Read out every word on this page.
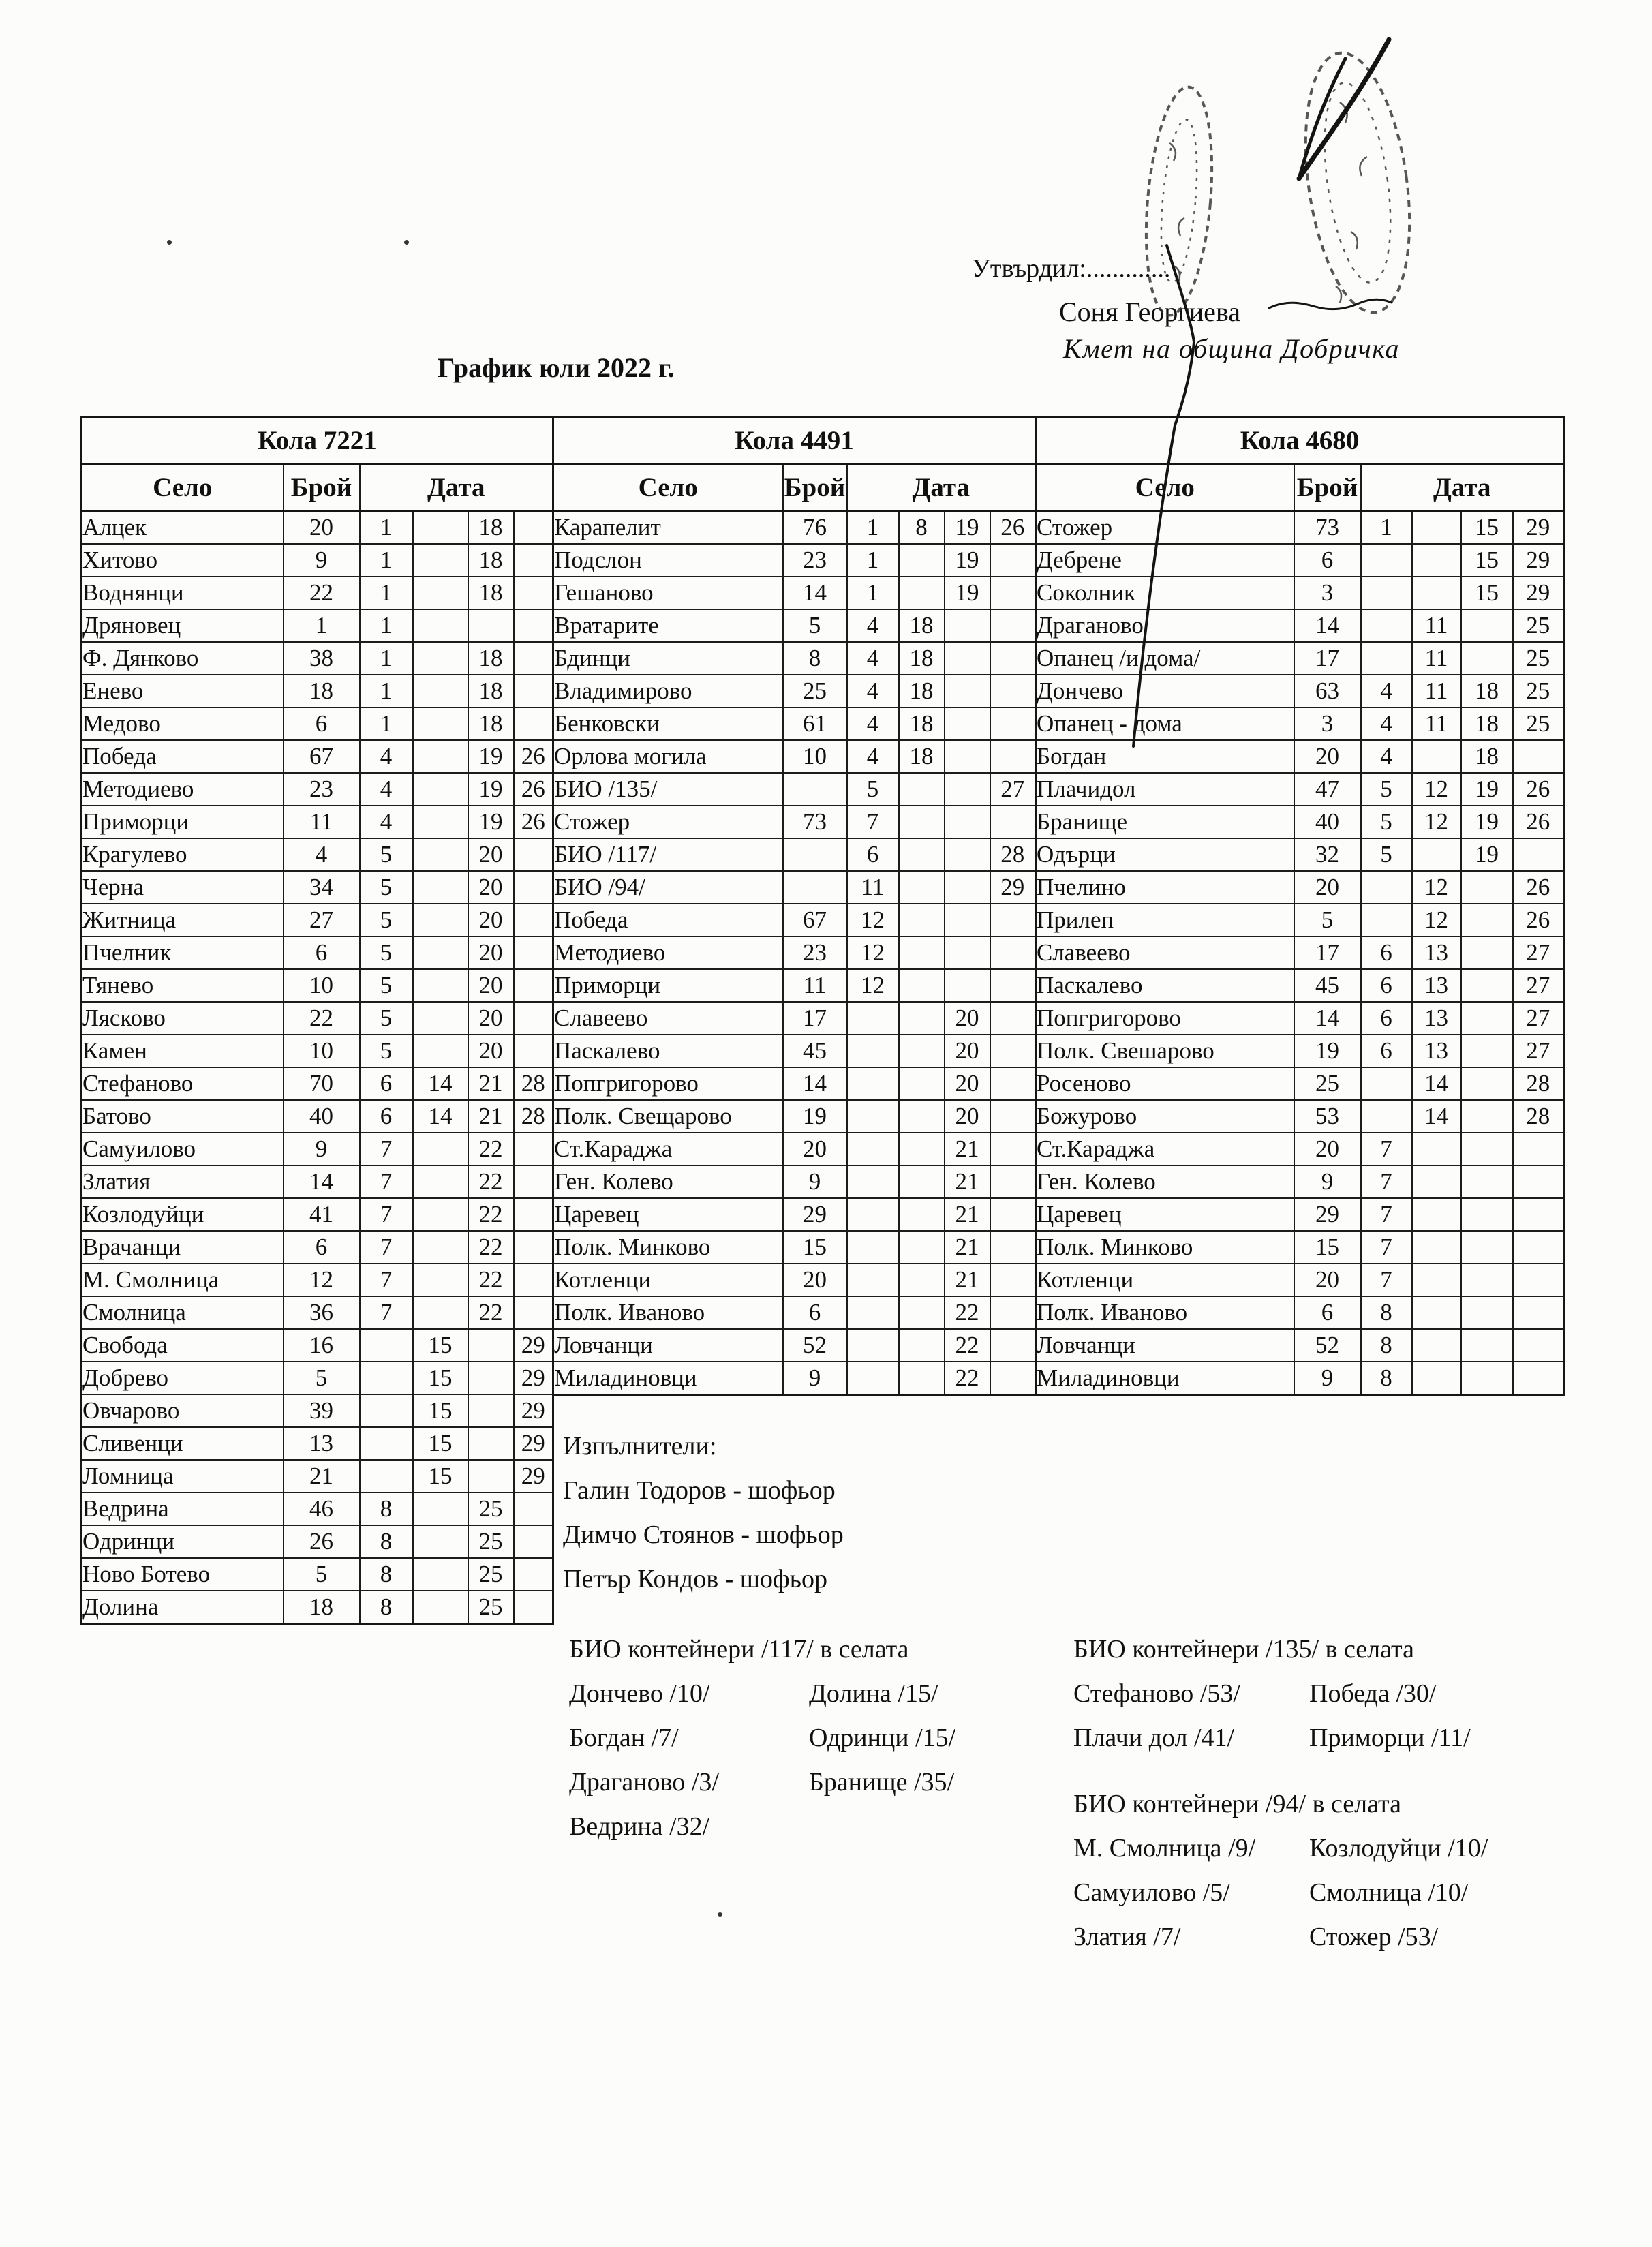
Утвърдил:.............
Соня Георгиева
Кмет на община Добричка
График юли 2022 г.
Кола 7221					
Село	Брой	Дата			
Алцек	20	1		18	
Хитово	9	1		18	
Воднянци	22	1		18	
Дряновец	1	1			
Ф. Дянково	38	1		18	
Енево	18	1		18	
Медово	6	1		18	
Победа	67	4		19	26
Методиево	23	4		19	26
Приморци	11	4		19	26
Крагулево	4	5		20	
Черна	34	5		20	
Житница	27	5		20	
Пчелник	6	5		20	
Тянево	10	5		20	
Лясково	22	5		20	
Камен	10	5		20	
Стефаново	70	6	14	21	28
Батово	40	6	14	21	28
Самуилово	9	7		22	
Златия	14	7		22	
Козлодуйци	41	7		22	
Врачанци	6	7		22	
М. Смолница	12	7		22	
Смолница	36	7		22	
Свобода	16		15		29
Добрево	5		15		29
Овчарово	39		15		29
Сливенци	13		15		29
Ломница	21		15		29
Ведрина	46	8		25	
Одринци	26	8		25	
Ново Ботево	5	8		25	
Долина	18	8		25	
Кола 4491					
Село	Брой	Дата			
Карапелит	76	1	8	19	26
Подслон	23	1		19	
Гешаново	14	1		19	
Вратарите	5	4	18		
Бдинци	8	4	18		
Владимирово	25	4	18		
Бенковски	61	4	18		
Орлова могила	10	4	18		
БИО /135/		5			27
Стожер	73	7			
БИО /117/		6			28
БИО /94/		11			29
Победа	67	12			
Методиево	23	12			
Приморци	11	12			
Славеево	17			20	
Паскалево	45			20	
Попгригорово	14			20	
Полк. Свещарово	19			20	
Ст.Караджа	20			21	
Ген. Колево	9			21	
Царевец	29			21	
Полк. Минково	15			21	
Котленци	20			21	
Полк. Иваново	6			22	
Ловчанци	52			22	
Миладиновци	9			22	
Кола 4680					
Село	Брой	Дата			
Стожер	73	1		15	29
Дебрене	6			15	29
Соколник	3			15	29
Драганово	14		11		25
Опанец /и дома/	17		11		25
Дончево	63	4	11	18	25
Опанец - дома	3	4	11	18	25
Богдан	20	4		18	
Плачидол	47	5	12	19	26
Бранище	40	5	12	19	26
Одърци	32	5		19	
Пчелино	20		12		26
Прилеп	5		12		26
Славеево	17	6	13		27
Паскалево	45	6	13		27
Попгригорово	14	6	13		27
Полк. Свешарово	19	6	13		27
Росеново	25		14		28
Божурово	53		14		28
Ст.Караджа	20	7			
Ген. Колево	9	7			
Царевец	29	7			
Полк. Минково	15	7			
Котленци	20	7			
Полк. Иваново	6	8			
Ловчанци	52	8			
Миладиновци	9	8			
Изпълнители:
Галин Тодоров - шофьор
Димчо Стоянов - шофьор
Петър Кондов - шофьор
БИО контейнери /117/ в селата
Дончево /10/	Долина /15/
Богдан /7/	Одринци /15/
Драганово /3/	Бранище /35/
Ведрина /32/
БИО контейнери /135/ в селата
Стефаново /53/	Победа /30/
Плачи дол /41/	Приморци /11/
БИО контейнери /94/ в селата
М. Смолница /9/	Козлодуйци /10/
Самуилово /5/	Смолница /10/
Златия /7/	Стожер /53/
